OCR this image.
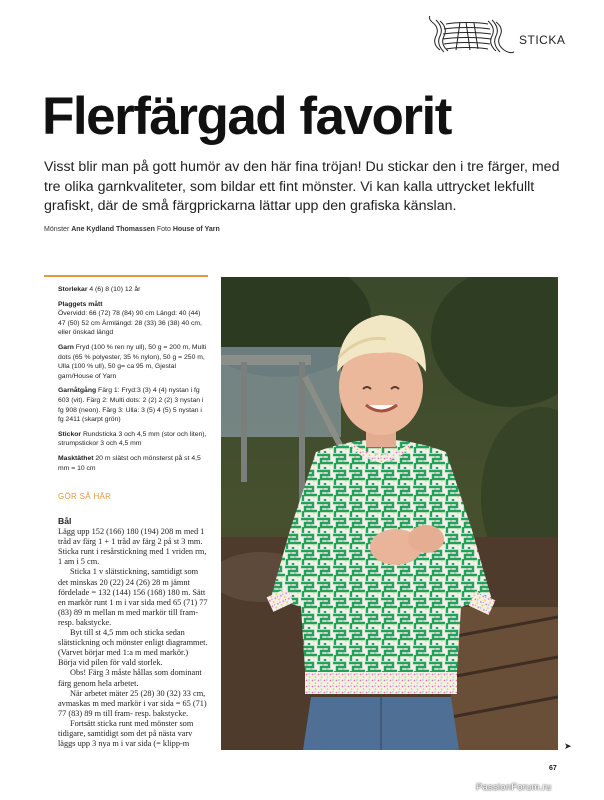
STICKA
Flerfärgad favorit
Visst blir man på gott humör av den här fina tröjan! Du stickar den i tre färger, med tre olika garnkvaliteter, som bildar ett fint mönster. Vi kan kalla uttrycket lekfullt grafiskt, där de små färgprickarna lättar upp den grafiska känslan.
Mönster Ane Kydland Thomassen Foto House of Yarn
Storlekar 4 (6) 8 (10) 12 år
Plaggets mått
Övervidd: 66 (72) 78 (84) 90 cm Längd: 40 (44) 47 (50) 52 cm Ärmlängd: 28 (33) 36 (38) 40 cm, eller önskad längd
Garn Fryd (100 % ren ny ull), 50 g = 200 m, Multi dots (65 % polyester, 35 % nylon), 50 g = 250 m, Ulla (100 % ull), 50 g= ca 95 m, Gjestal garn/House of Yarn
Garnåtgång Färg 1: Fryd:3 (3) 4 (4) nystan i fg 603 (vit). Färg 2: Multi dots: 2 (2) 2 (2) 3 nystan i fg 908 (neon). Färg 3: Ulla: 3 (5) 4 (5) 5 nystan i fg 2411 (skarpt grön)
Stickor Rundsticka 3 och 4,5 mm (stor och liten), strumpstickor 3 och 4,5 mm
Masktäthet 20 m slätst och mönsterst på st 4,5 mm = 10 cm
GÖR SÅ HÄR
Bål

Lägg upp 152 (166) 180 (194) 208 m med 1 tråd av färg 1 + 1 tråd av färg 2 på st 3 mm. Sticka runt i resårstickning med 1 vriden rm, 1 am i 5 cm.

Sticka 1 v slätstickning, samtidigt som det minskas 20 (22) 24 (26) 28 m jämnt fördelade = 132 (144) 156 (168) 180 m. Sätt en markör runt 1 m i var sida med 65 (71) 77 (83) 89 m mellan m med markör till fram- resp. bakstycke.

Byt till st 4,5 mm och sticka sedan slätstickning och mönster enligt diagrammet. (Varvet börjar med 1:a m med markör.) Börja vid pilen för vald storlek.

Obs! Färg 3 måste hållas som dominant färg genom hela arbetet.

När arbetet mäter 25 (28) 30 (32) 33 cm, avmaskas m med markör i var sida = 65 (71) 77 (83) 89 m till fram- resp. bakstycke.

Fortsätt sticka runt med mönster som tidigare, samtidigt som det på nästa varv läggs upp 3 nya m i var sida (= klipp-m	➤
67
PassionForum.ru
